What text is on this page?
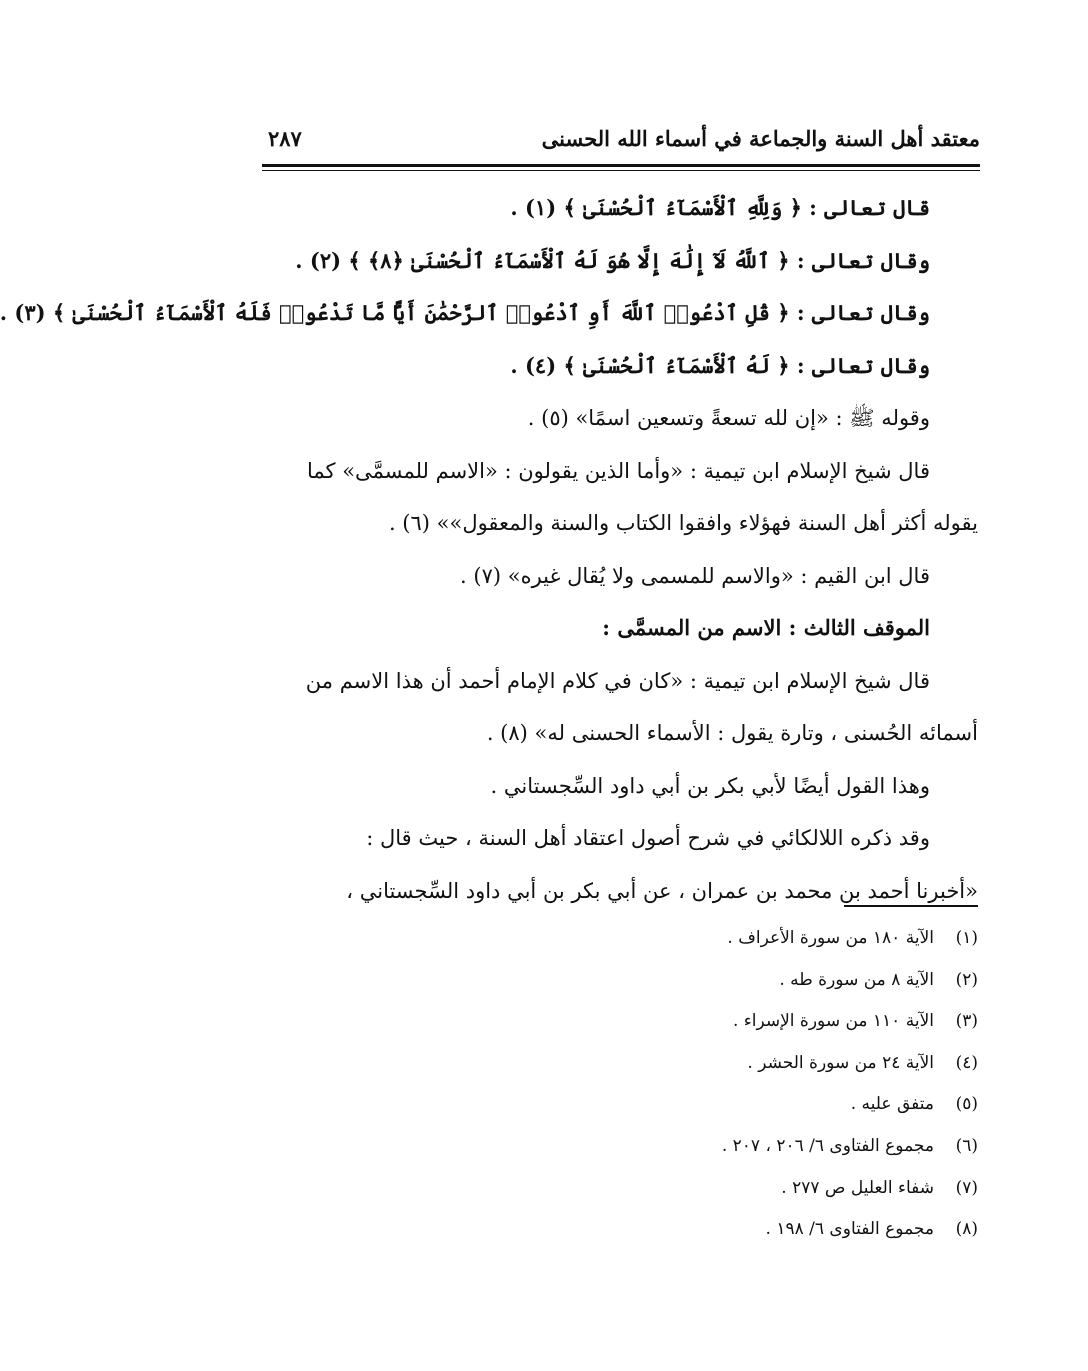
معتقد أهل السنة والجماعة في أسماء الله الحسنى
٢٨٧

قال تعالى : ﴿ وَلِلَّهِ ٱلْأَسْمَآءُ ٱلْحُسْنَىٰ ﴾ (١) .

وقال تعالى : ﴿ ٱللَّهُ لَآ إِلَٰهَ إِلَّا هُوَ لَهُ ٱلْأَسْمَآءُ ٱلْحُسْنَىٰ ﴿٨﴾ ﴾ (٢) .

وقال تعالى : ﴿ قُلِ ٱدْعُوا۟ ٱللَّهَ أَوِ ٱدْعُوا۟ ٱلرَّحْمَٰنَ أَيًّا مَّا تَدْعُوا۟ فَلَهُ ٱلْأَسْمَآءُ ٱلْحُسْنَىٰ ﴾ (٣) .

وقال تعالى : ﴿ لَهُ ٱلْأَسْمَآءُ ٱلْحُسْنَىٰ ﴾ (٤) .

وقوله ﷺ : «إن لله تسعةً وتسعين اسمًا» (٥) .

قال شيخ الإسلام ابن تيمية : «وأما الذين يقولون : «الاسم للمسمَّى» كما

يقوله أكثر أهل السنة فهؤلاء وافقوا الكتاب والسنة والمعقول»» (٦) .

قال ابن القيم : «والاسم للمسمى ولا يُقال غيره» (٧) .

الموقف الثالث : الاسم من المسمَّى :

قال شيخ الإسلام ابن تيمية : «كان في كلام الإمام أحمد أن هذا الاسم من

أسمائه الحُسنى ، وتارة يقول : الأسماء الحسنى له» (٨) .

وهذا القول أيضًا لأبي بكر بن أبي داود السِّجستاني .

وقد ذكره اللالكائي في شرح أصول اعتقاد أهل السنة ، حيث قال :

«أخبرنا أحمد بن محمد بن عمران ، عن أبي بكر بن أبي داود السِّجستاني ،

(١)الآية ١٨٠ من سورة الأعراف .
(٢)الآية ٨ من سورة طه .
(٣)الآية ١١٠ من سورة الإسراء .
(٤)الآية ٢٤ من سورة الحشر .
(٥)متفق عليه .
(٦)مجموع الفتاوى ٦/ ٢٠٦ ، ٢٠٧ .
(٧)شفاء العليل ص ٢٧٧ .
(٨)مجموع الفتاوى ٦/ ١٩٨ .
